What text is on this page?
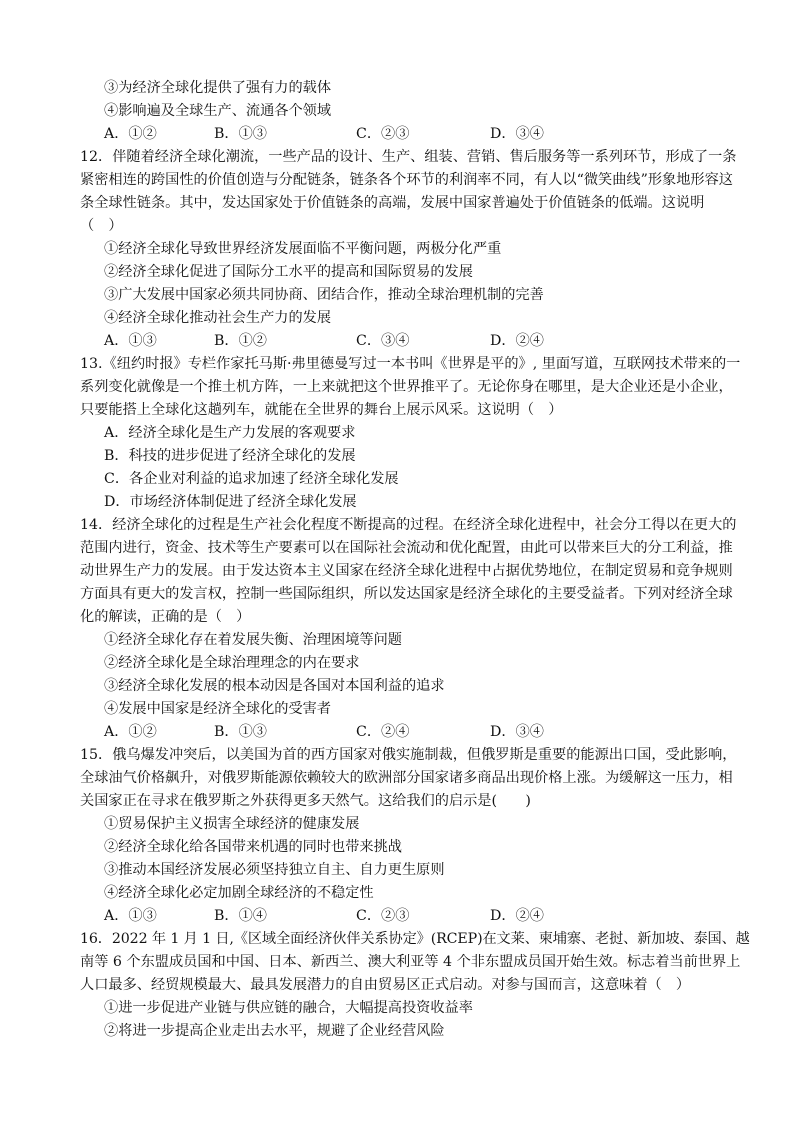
③为经济全球化提供了强有力的载体
④影响遍及全球生产、流通各个领域
A．①②	B．①③	C．②③	D．③④
12．伴随着经济全球化潮流，一些产品的设计、生产、组装、营销、售后服务等一系列环节，形成了一条
紧密相连的跨国性的价值创造与分配链条，链条各个环节的利润率不同，有人以“微笑曲线”形象地形容这
条全球性链条。其中，发达国家处于价值链条的高端，发展中国家普遍处于价值链条的低端。这说明
（　）
①经济全球化导致世界经济发展面临不平衡问题，两极分化严重
②经济全球化促进了国际分工水平的提高和国际贸易的发展
③广大发展中国家必须共同协商、团结合作，推动全球治理机制的完善
④经济全球化推动社会生产力的发展
A．①③	B．①②	C．③④	D．②④
13.《纽约时报》专栏作家托马斯·弗里德曼写过一本书叫《世界是平的》, 里面写道，互联网技术带来的一
系列变化就像是一个推土机方阵，一上来就把这个世界推平了。无论你身在哪里，是大企业还是小企业，
只要能搭上全球化这趟列车，就能在全世界的舞台上展示风采。这说明（　）
A．经济全球化是生产力发展的客观要求
B．科技的进步促进了经济全球化的发展
C．各企业对利益的追求加速了经济全球化发展
D．市场经济体制促进了经济全球化发展
14．经济全球化的过程是生产社会化程度不断提高的过程。在经济全球化进程中，社会分工得以在更大的
范围内进行，资金、技术等生产要素可以在国际社会流动和优化配置，由此可以带来巨大的分工利益，推
动世界生产力的发展。由于发达资本主义国家在经济全球化进程中占据优势地位，在制定贸易和竞争规则
方面具有更大的发言权，控制一些国际组织，所以发达国家是经济全球化的主要受益者。下列对经济全球
化的解读，正确的是（　）
①经济全球化存在着发展失衡、治理困境等问题
②经济全球化是全球治理理念的内在要求
③经济全球化发展的根本动因是各国对本国利益的追求
④发展中国家是经济全球化的受害者
A．①②	B．①③	C．②④	D．③④
15．俄乌爆发冲突后，以美国为首的西方国家对俄实施制裁，但俄罗斯是重要的能源出口国，受此影响，
全球油气价格飙升，对俄罗斯能源依赖较大的欧洲部分国家诸多商品出现价格上涨。为缓解这一压力，相
关国家正在寻求在俄罗斯之外获得更多天然气。这给我们的启示是(　　)
①贸易保护主义损害全球经济的健康发展
②经济全球化给各国带来机遇的同时也带来挑战
③推动本国经济发展必须坚持独立自主、自力更生原则
④经济全球化必定加剧全球经济的不稳定性
A．①③	B．①④	C．②③	D．②④
16．2022 年 1 月 1 日,《区域全面经济伙伴关系协定》(RCEP)在文莱、柬埔寨、老挝、新加坡、泰国、越
南等 6 个东盟成员国和中国、日本、新西兰、澳大利亚等 4 个非东盟成员国开始生效。标志着当前世界上
人口最多、经贸规模最大、最具发展潜力的自由贸易区正式启动。对参与国而言，这意味着（　）
①进一步促进产业链与供应链的融合，大幅提高投资收益率
②将进一步提高企业走出去水平，规避了企业经营风险
